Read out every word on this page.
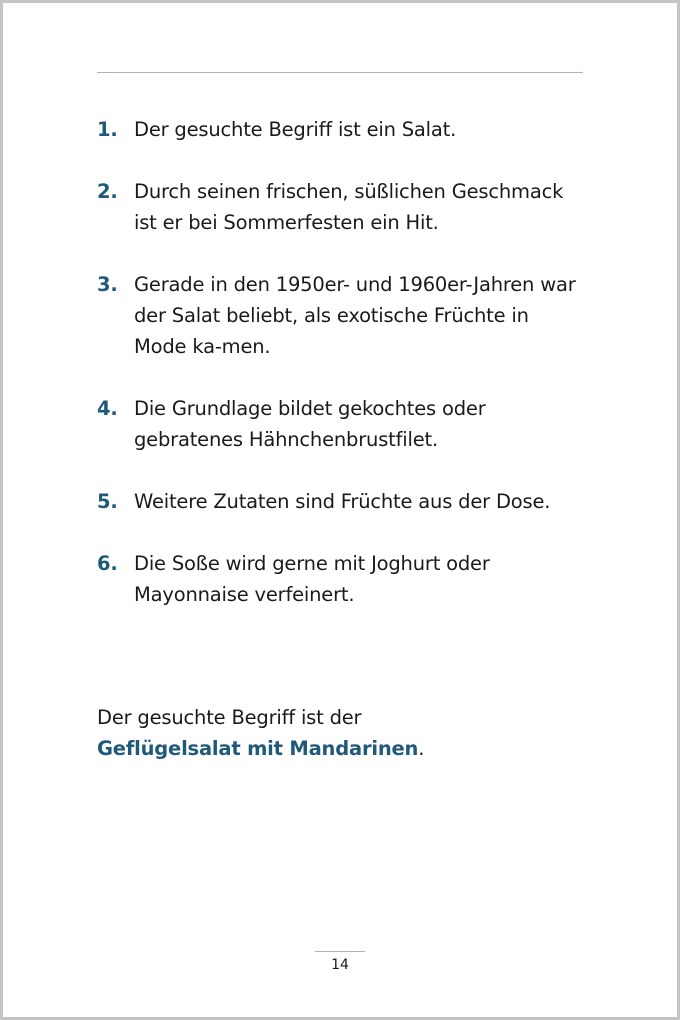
1. Der gesuchte Begriff ist ein Salat.
2. Durch seinen frischen, süßlichen Geschmack ist er bei Sommerfesten ein Hit.
3. Gerade in den 1950er- und 1960er-Jahren war der Salat beliebt, als exotische Früchte in Mode ka-men.
4. Die Grundlage bildet gekochtes oder gebratenes Hähnchenbrustfilet.
5. Weitere Zutaten sind Früchte aus der Dose.
6. Die Soße wird gerne mit Joghurt oder Mayonnaise verfeinert.
Der gesuchte Begriff ist der
Geflügelsalat mit Mandarinen.
14
